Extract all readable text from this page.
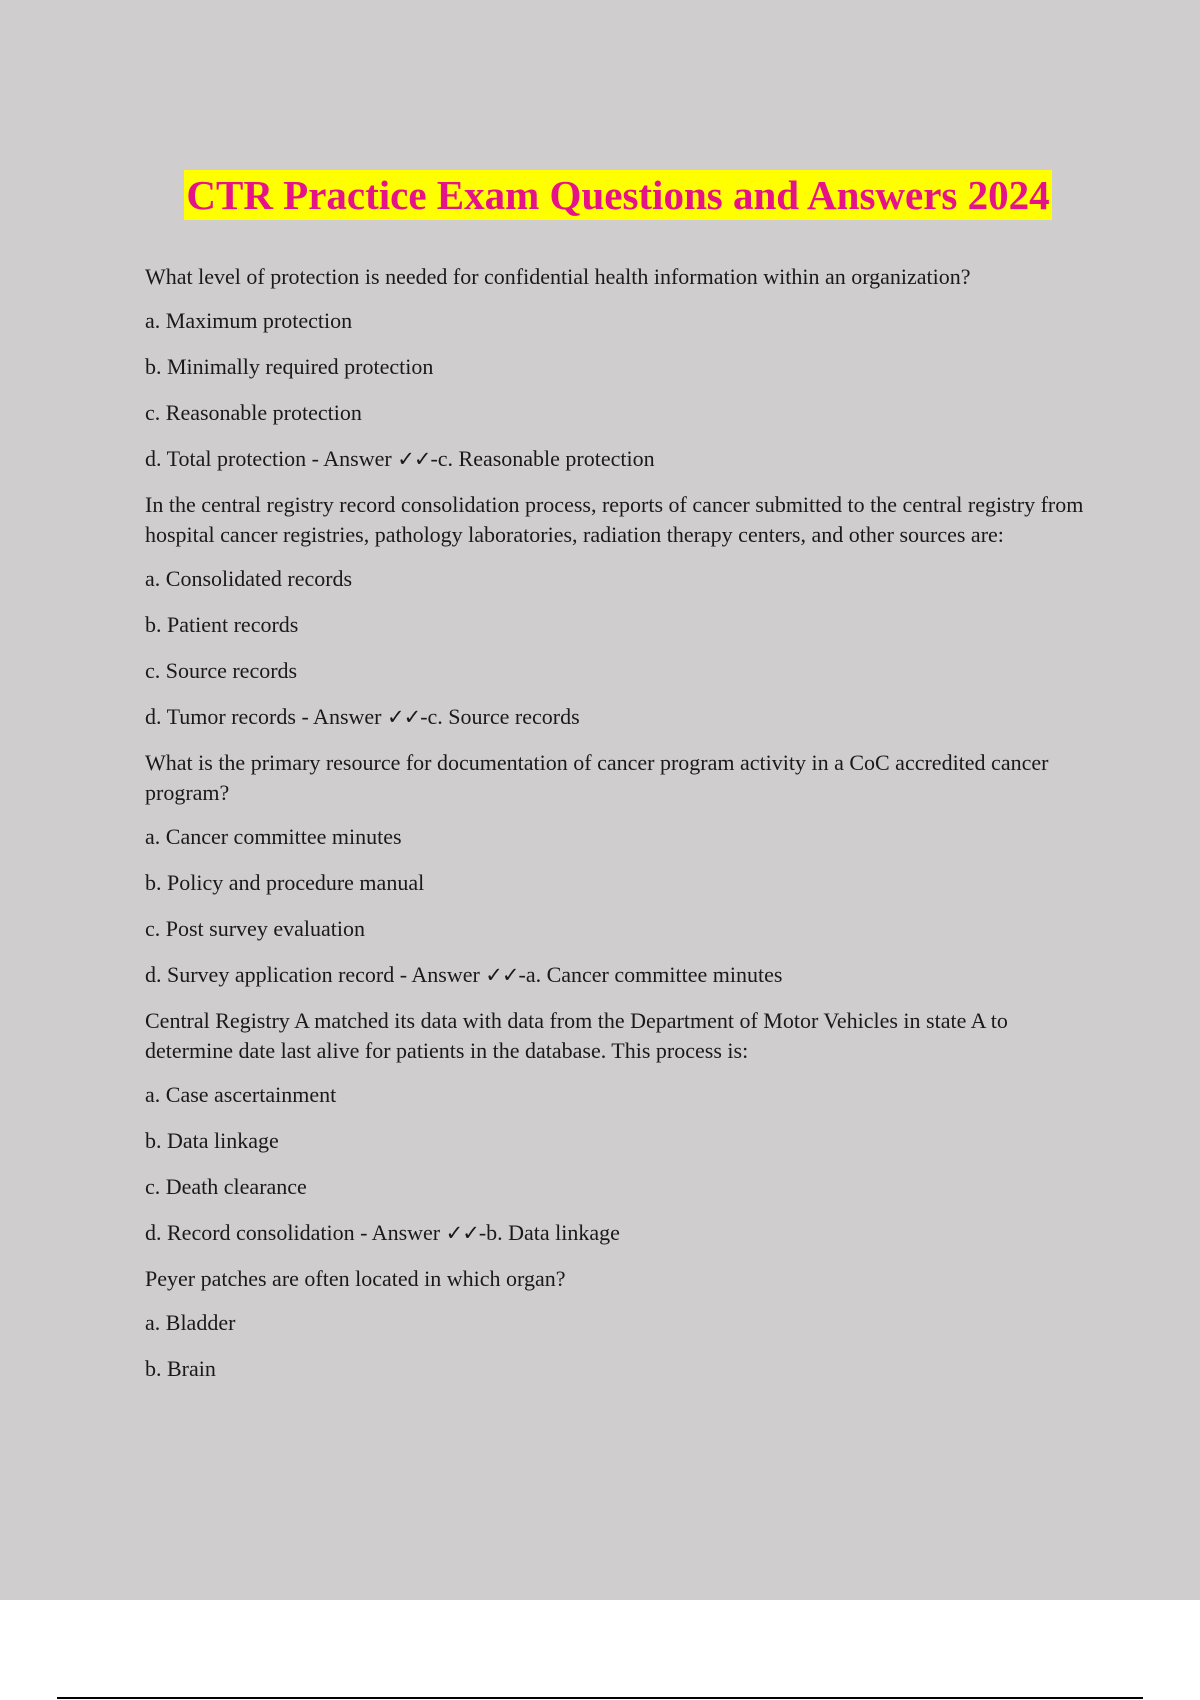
CTR Practice Exam Questions and Answers 2024

What level of protection is needed for confidential health information within an organization?

a. Maximum protection

b. Minimally required protection

c. Reasonable protection

d. Total protection - Answer ✓✓-c. Reasonable protection

In the central registry record consolidation process, reports of cancer submitted to the central registry from hospital cancer registries, pathology laboratories, radiation therapy centers, and other sources are:

a. Consolidated records

b. Patient records

c. Source records

d. Tumor records - Answer ✓✓-c. Source records

What is the primary resource for documentation of cancer program activity in a CoC accredited cancer program?

a. Cancer committee minutes

b. Policy and procedure manual

c. Post survey evaluation

d. Survey application record - Answer ✓✓-a. Cancer committee minutes

Central Registry A matched its data with data from the Department of Motor Vehicles in state A to determine date last alive for patients in the database. This process is:

a. Case ascertainment

b. Data linkage

c. Death clearance

d. Record consolidation - Answer ✓✓-b. Data linkage

Peyer patches are often located in which organ?

a. Bladder

b. Brain
